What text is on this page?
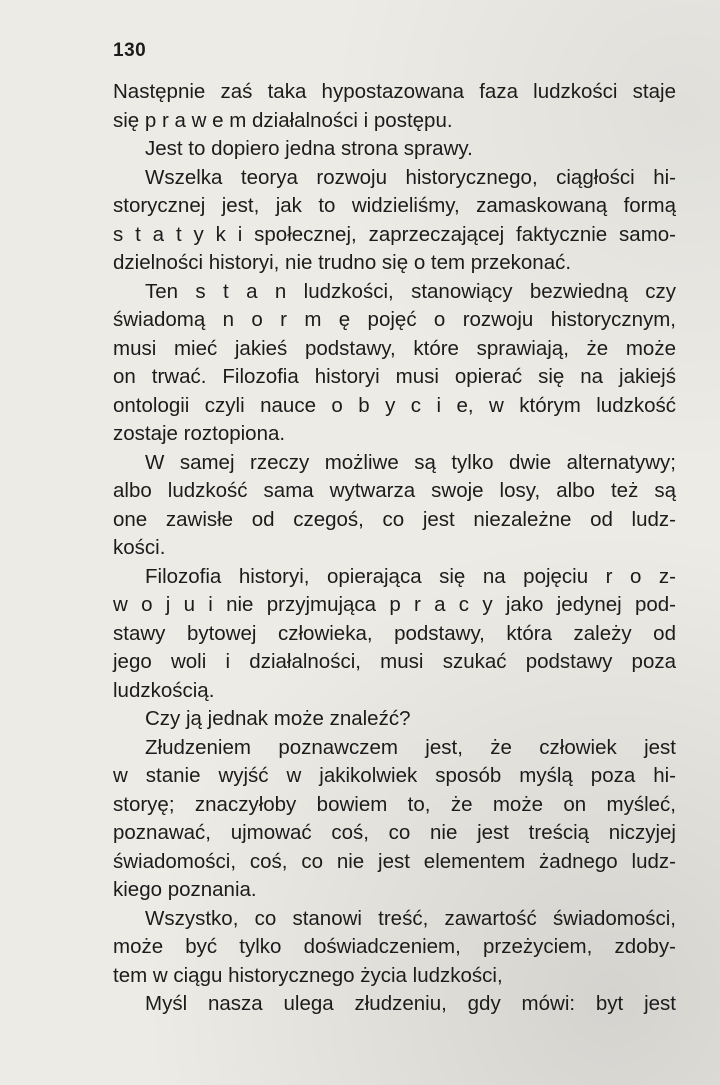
130
Następnie zaś taka hypostazowana faza ludzkości staje
się p r a w e m działalności i postępu.
Jest to dopiero jedna strona sprawy.
Wszelka teorya rozwoju historycznego, ciągłości hi-
storycznej jest, jak to widzieliśmy, zamaskowaną formą
s t a t y k i społecznej, zaprzeczającej faktycznie samo-
dzielności historyi, nie trudno się o tem przekonać.
Ten s t a n ludzkości, stanowiący bezwiedną czy
świadomą n o r m ę pojęć o rozwoju historycznym,
musi mieć jakieś podstawy, które sprawiają, że może
on trwać. Filozofia historyi musi opierać się na jakiejś
ontologii czyli nauce o b y c i e, w którym ludzkość
zostaje roztopiona.
W samej rzeczy możliwe są tylko dwie alternatywy;
albo ludzkość sama wytwarza swoje losy, albo też są
one zawisłe od czegoś, co jest niezależne od ludz-
kości.
Filozofia historyi, opierająca się na pojęciu r o z-
w o j u i nie przyjmująca p r a c y jako jedynej pod-
stawy bytowej człowieka, podstawy, która zależy od
jego woli i działalności, musi szukać podstawy poza
ludzkością.
Czy ją jednak może znaleźć?
Złudzeniem poznawczem jest, że człowiek jest
w stanie wyjść w jakikolwiek sposób myślą poza hi-
storyę; znaczyłoby bowiem to, że może on myśleć,
poznawać, ujmować coś, co nie jest treścią niczyjej
świadomości, coś, co nie jest elementem żadnego ludz-
kiego poznania.
Wszystko, co stanowi treść, zawartość świadomości,
może być tylko doświadczeniem, przeżyciem, zdoby-
tem w ciągu historycznego życia ludzkości,
Myśl nasza ulega złudzeniu, gdy mówi: byt jest
